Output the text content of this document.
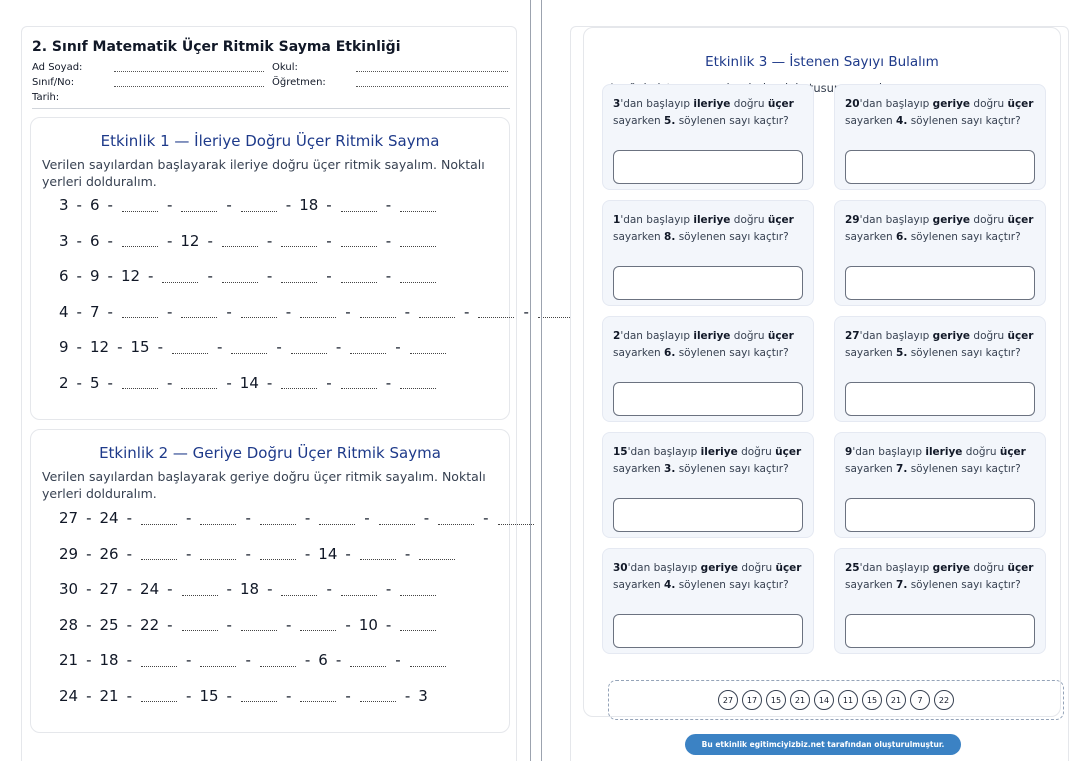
2. Sınıf Matematik Üçer Ritmik Sayma Etkinliği
Ad Soyad:	Okul:
Sınıf/No:	Öğretmen:
Tarih:
Etkinlik 1 — İleriye Doğru Üçer Ritmik Sayma
Verilen sayılardan başlayarak ileriye doğru üçer ritmik sayalım. Noktalı yerleri dolduralım.
3 - 6 -	-	-	- 18 -	-
3 - 6 -	- 12 -	-	-	-
6 - 9 - 12 -	-	-	-	-
4 - 7 -	-	-	-	-	-	-	-
9 - 12 - 15 -	-	-	-	-
2 - 5 -	-	- 14 -	-	-
Etkinlik 2 — Geriye Doğru Üçer Ritmik Sayma
Verilen sayılardan başlayarak geriye doğru üçer ritmik sayalım. Noktalı yerleri dolduralım.
27 - 24 -	-	-	-	-	-	-
29 - 26 -	-	-	- 14 -	-
30 - 27 - 24 -	- 18 -	-	-
28 - 25 - 22 -	-	-	- 10 -
21 - 18 -	-	-	- 6 -	-
24 - 21 -	- 15 -	-	-	- 3
Etkinlik 3 — İstenen Sayıyı Bulalım
kutusuna
3'dan başlayıp ileriye doğru üçer sayarken 5. söylenen sayı kaçtır?
20'dan başlayıp geriye doğru üçer sayarken 4. söylenen sayı kaçtır?
1'dan başlayıp ileriye doğru üçer sayarken 8. söylenen sayı kaçtır?
29'dan başlayıp geriye doğru üçer sayarken 6. söylenen sayı kaçtır?
2'dan başlayıp ileriye doğru üçer sayarken 6. söylenen sayı kaçtır?
27'dan başlayıp geriye doğru üçer sayarken 5. söylenen sayı kaçtır?
15'dan başlayıp ileriye doğru üçer sayarken 3. söylenen sayı kaçtır?
9'dan başlayıp ileriye doğru üçer sayarken 7. söylenen sayı kaçtır?
30'dan başlayıp geriye doğru üçer sayarken 4. söylenen sayı kaçtır?
25'dan başlayıp geriye doğru üçer sayarken 7. söylenen sayı kaçtır?
27	17	15	21	14	11	15	21	7	22
Bu etkinlik egitimciyizbiz.net tarafından oluşturulmuştur.
